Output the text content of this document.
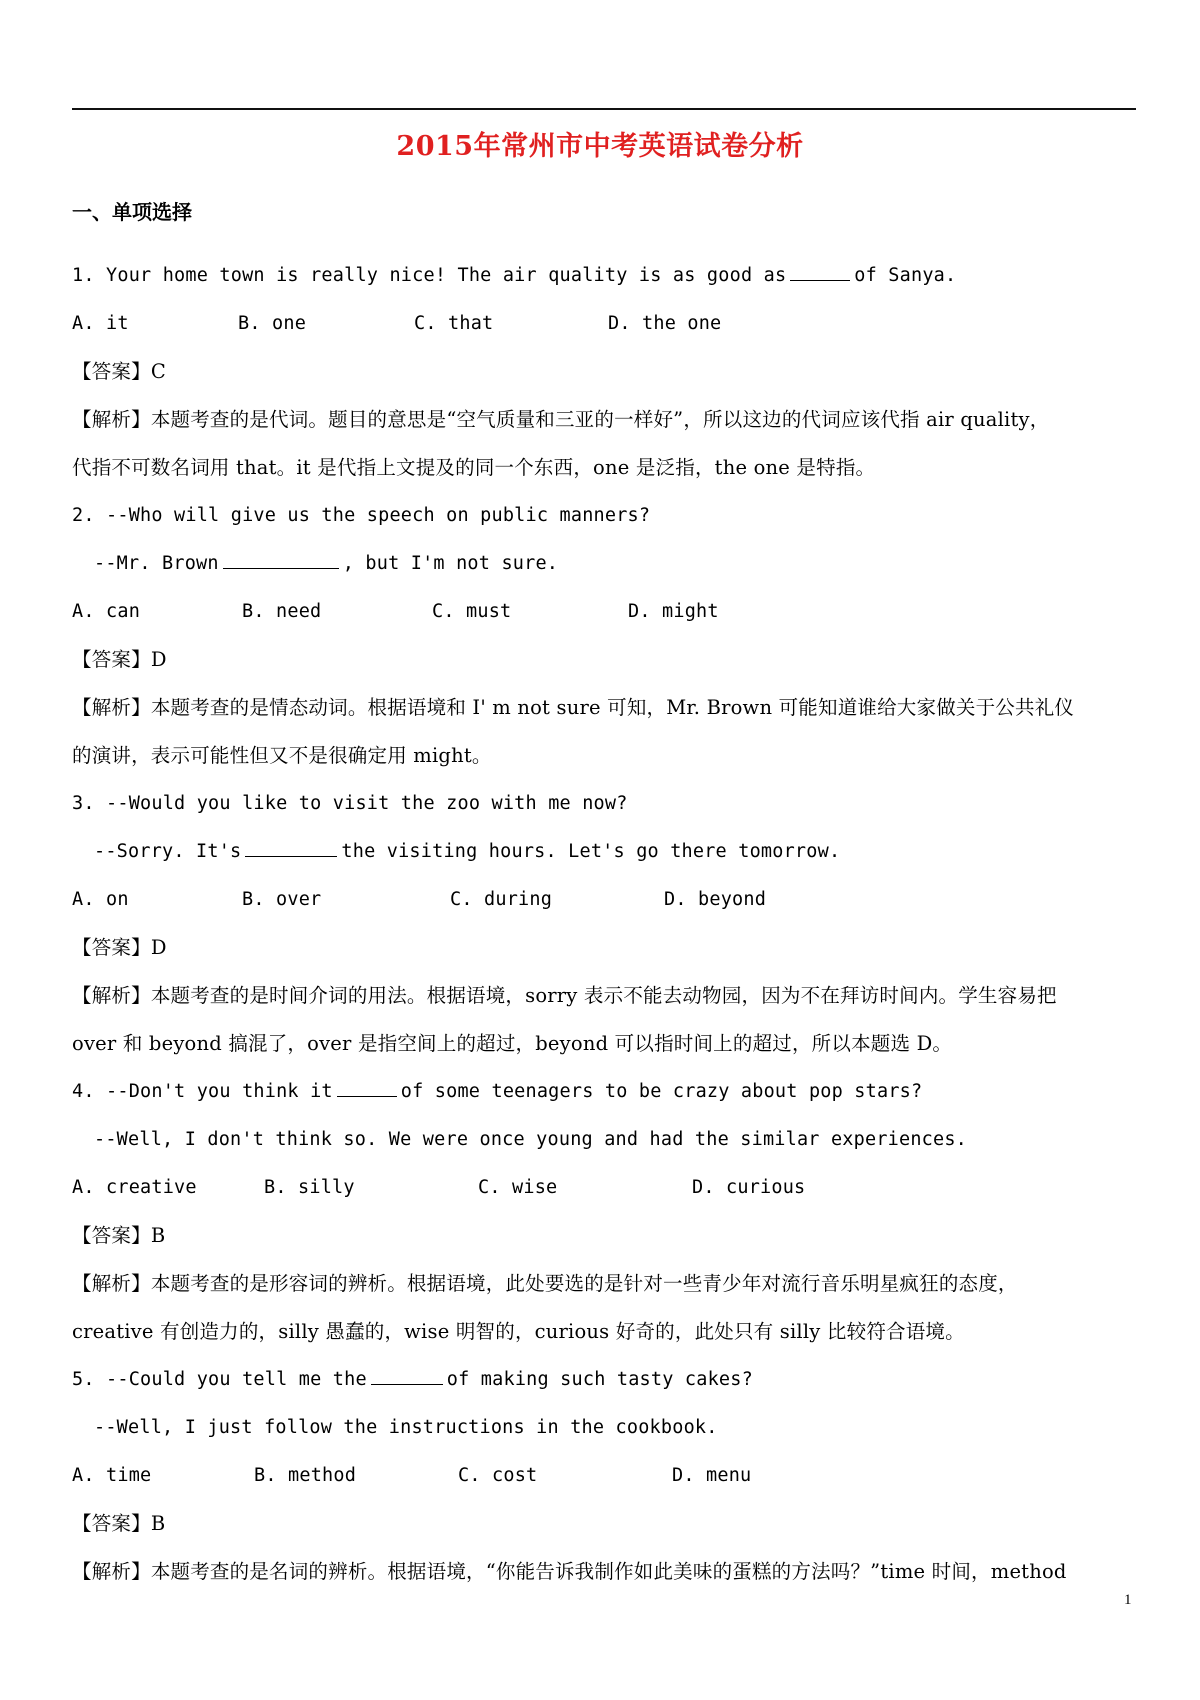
2015年常州市中考英语试卷分析
一、单项选择
1. Your home town is really nice! The air quality is as good as	of Sanya.
A. it	B. one	C. that	D. the one
【答案】C
【解析】本题考查的是代词。题目的意思是“空气质量和三亚的一样好”，所以这边的代词应该代指 air quality，
代指不可数名词用 that。it 是代指上文提及的同一个东西，one 是泛指，the one 是特指。
2. --Who will give us the speech on public manners?
--Mr. Brown	, but I'm not sure.
A. can	B. need	C. must	D. might
【答案】D
【解析】本题考查的是情态动词。根据语境和 I' m not sure 可知，Mr. Brown 可能知道谁给大家做关于公共礼仪
的演讲，表示可能性但又不是很确定用 might。
3. --Would you like to visit the zoo with me now?
--Sorry. It's	the visiting hours. Let's go there tomorrow.
A. on	B. over	C. during	D. beyond
【答案】D
【解析】本题考查的是时间介词的用法。根据语境，sorry 表示不能去动物园，因为不在拜访时间内。学生容易把
over 和 beyond 搞混了，over 是指空间上的超过，beyond 可以指时间上的超过，所以本题选 D。
4. --Don't you think it	of some teenagers to be crazy about pop stars?
--Well, I don't think so. We were once young and had the similar experiences.
A. creative	B. silly	C. wise	D. curious
【答案】B
【解析】本题考查的是形容词的辨析。根据语境，此处要选的是针对一些青少年对流行音乐明星疯狂的态度，
creative 有创造力的，silly 愚蠢的，wise 明智的，curious 好奇的，此处只有 silly 比较符合语境。
5. --Could you tell me the	of making such tasty cakes?
--Well, I just follow the instructions in the cookbook.
A. time	B. method	C. cost	D. menu
【答案】B
【解析】本题考查的是名词的辨析。根据语境，“你能告诉我制作如此美味的蛋糕的方法吗？”time 时间，method
1
